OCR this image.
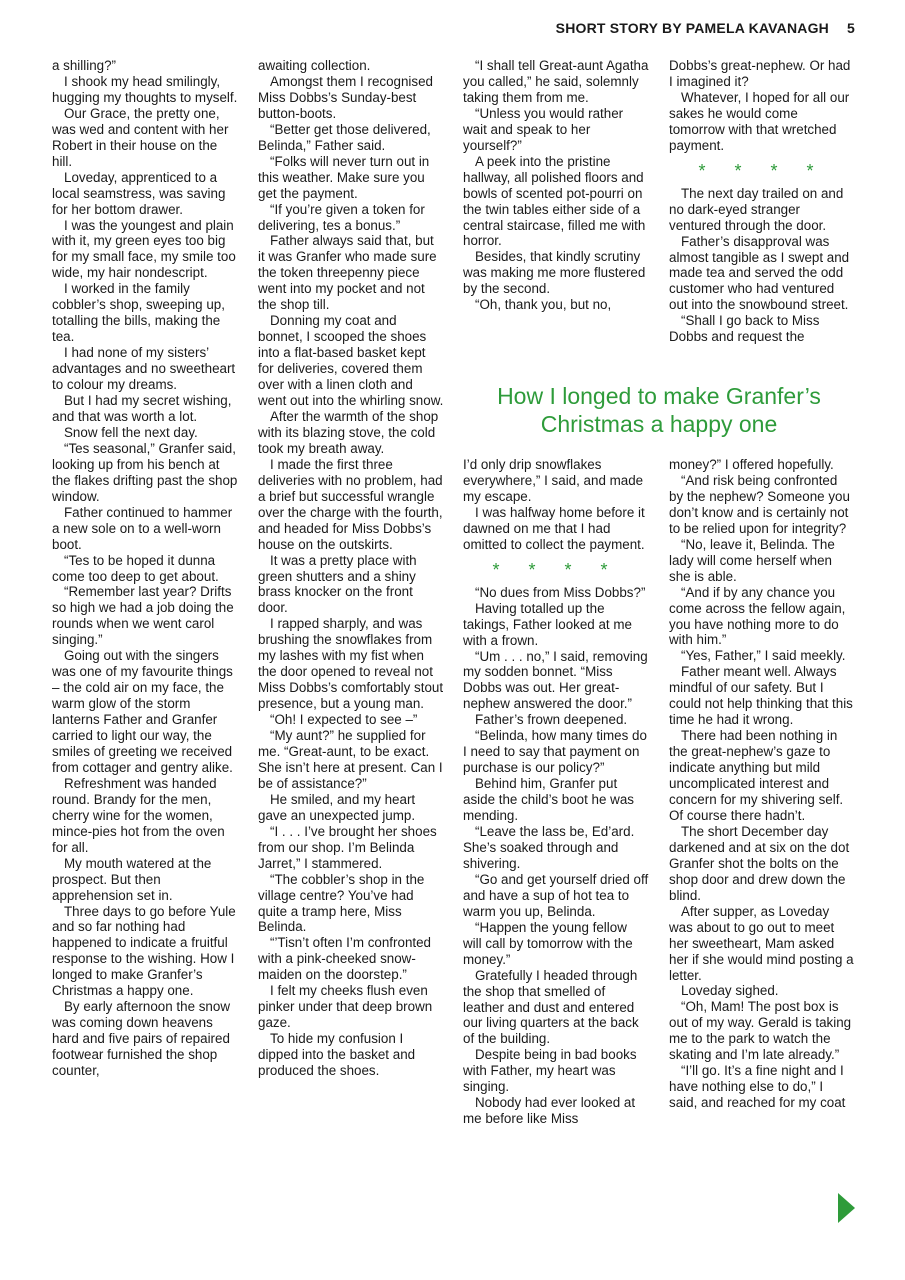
SHORT STORY BY PAMELA KAVANAGH 5

a shilling?”

I shook my head smilingly, hugging my thoughts to myself.

Our Grace, the pretty one, was wed and content with her Robert in their house on the hill.

Loveday, apprenticed to a local seamstress, was saving for her bottom drawer.

I was the youngest and plain with it, my green eyes too big for my small face, my smile too wide, my hair nondescript.

I worked in the family cobbler’s shop, sweeping up, totalling the bills, making the tea.

I had none of my sisters’ advantages and no sweetheart to colour my dreams.

But I had my secret wishing, and that was worth a lot.

Snow fell the next day.

“Tes seasonal,” Granfer said, looking up from his bench at the flakes drifting past the shop window.

Father continued to hammer a new sole on to a well-worn boot.

“Tes to be hoped it dunna come too deep to get about.

“Remember last year? Drifts so high we had a job doing the rounds when we went carol singing.”

Going out with the singers was one of my favourite things – the cold air on my face, the warm glow of the storm lanterns Father and Granfer carried to light our way, the smiles of greeting we received from cottager and gentry alike.

Refreshment was handed round. Brandy for the men, cherry wine for the women, mince-pies hot from the oven for all.

My mouth watered at the prospect. But then apprehension set in.

Three days to go before Yule and so far nothing had happened to indicate a fruitful response to the wishing. How I longed to make Granfer’s Christmas a happy one.

By early afternoon the snow was coming down heavens hard and five pairs of repaired footwear furnished the shop counter,

awaiting collection.

Amongst them I recognised Miss Dobbs’s Sunday-best button-boots.

“Better get those delivered, Belinda,” Father said.

“Folks will never turn out in this weather. Make sure you get the payment.

“If you’re given a token for delivering, tes a bonus.”

Father always said that, but it was Granfer who made sure the token threepenny piece went into my pocket and not the shop till.

Donning my coat and bonnet, I scooped the shoes into a flat-based basket kept for deliveries, covered them over with a linen cloth and went out into the whirling snow.

After the warmth of the shop with its blazing stove, the cold took my breath away.

I made the first three deliveries with no problem, had a brief but successful wrangle over the charge with the fourth, and headed for Miss Dobbs’s house on the outskirts.

It was a pretty place with green shutters and a shiny brass knocker on the front door.

I rapped sharply, and was brushing the snowflakes from my lashes with my fist when the door opened to reveal not Miss Dobbs’s comfortably stout presence, but a young man.

“Oh! I expected to see –”

“My aunt?” he supplied for me. “Great-aunt, to be exact. She isn’t here at present. Can I be of assistance?”

He smiled, and my heart gave an unexpected jump.

“I . . . I’ve brought her shoes from our shop. I’m Belinda Jarret,” I stammered.

“The cobbler’s shop in the village centre? You’ve had quite a tramp here, Miss Belinda.

“’Tisn’t often I’m confronted with a pink-cheeked snow-maiden on the doorstep.”

I felt my cheeks flush even pinker under that deep brown gaze.

To hide my confusion I dipped into the basket and produced the shoes.

“I shall tell Great-aunt Agatha you called,” he said, solemnly taking them from me.

“Unless you would rather wait and speak to her yourself?”

A peek into the pristine hallway, all polished floors and bowls of scented pot-pourri on the twin tables either side of a central staircase, filled me with horror.

Besides, that kindly scrutiny was making me more flustered by the second.

“Oh, thank you, but no,

Dobbs’s great-nephew. Or had I imagined it?

Whatever, I hoped for all our sakes he would come tomorrow with that wretched payment.

* * * *

The next day trailed on and no dark-eyed stranger ventured through the door.

Father’s disapproval was almost tangible as I swept and made tea and served the odd customer who had ventured out into the snowbound street.

“Shall I go back to Miss Dobbs and request the

How I longed to make Granfer’s
Christmas a happy one

I’d only drip snowflakes everywhere,” I said, and made my escape.

I was halfway home before it dawned on me that I had omitted to collect the payment.

* * * *

“No dues from Miss Dobbs?”

Having totalled up the takings, Father looked at me with a frown.

“Um . . . no,” I said, removing my sodden bonnet. “Miss Dobbs was out. Her great-nephew answered the door.”

Father’s frown deepened.

“Belinda, how many times do I need to say that payment on purchase is our policy?”

Behind him, Granfer put aside the child’s boot he was mending.

“Leave the lass be, Ed’ard. She’s soaked through and shivering.

“Go and get yourself dried off and have a sup of hot tea to warm you up, Belinda.

“Happen the young fellow will call by tomorrow with the money.”

Gratefully I headed through the shop that smelled of leather and dust and entered our living quarters at the back of the building.

Despite being in bad books with Father, my heart was singing.

Nobody had ever looked at me before like Miss

money?” I offered hopefully.

“And risk being confronted by the nephew? Someone you don’t know and is certainly not to be relied upon for integrity?

“No, leave it, Belinda. The lady will come herself when she is able.

“And if by any chance you come across the fellow again, you have nothing more to do with him.”

“Yes, Father,” I said meekly.

Father meant well. Always mindful of our safety. But I could not help thinking that this time he had it wrong.

There had been nothing in the great-nephew’s gaze to indicate anything but mild uncomplicated interest and concern for my shivering self. Of course there hadn’t.

The short December day darkened and at six on the dot Granfer shot the bolts on the shop door and drew down the blind.

After supper, as Loveday was about to go out to meet her sweetheart, Mam asked her if she would mind posting a letter.

Loveday sighed.

“Oh, Mam! The post box is out of my way. Gerald is taking me to the park to watch the skating and I’m late already.”

“I’ll go. It’s a fine night and I have nothing else to do,” I said, and reached for my coat
